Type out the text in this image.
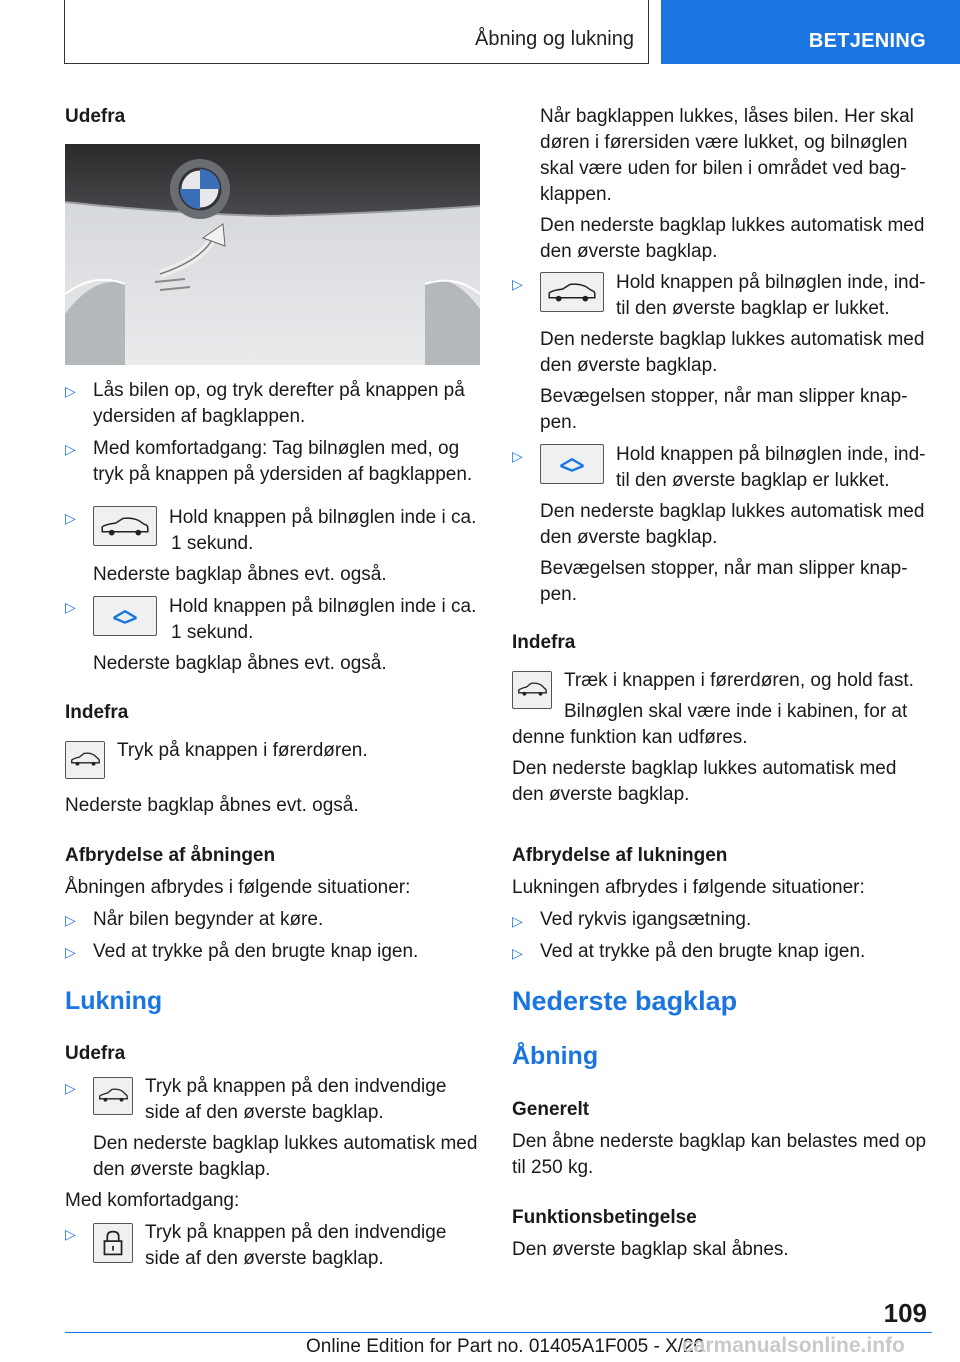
Åbning og lukning	BETJENING
Udefra
▷ Lås bilen op, og tryk derefter på knappen på
ydersiden af bagklappen.
▷ Med komfortadgang: Tag bilnøglen med, og
tryk på knappen på ydersiden af bagklappen.
▷	Hold knappen på bilnøglen inde i ca.
1 sekund.
Nederste bagklap åbnes evt. også.
▷	Hold knappen på bilnøglen inde i ca.
1 sekund.
Nederste bagklap åbnes evt. også.
Indefra
Tryk på knappen i førerdøren.
Nederste bagklap åbnes evt. også.
Afbrydelse af åbningen
Åbningen afbrydes i følgende situationer:
▷ Når bilen begynder at køre.
▷ Ved at trykke på den brugte knap igen.
Lukning
Udefra
▷	Tryk på knappen på den indvendige
side af den øverste bagklap.
Den nederste bagklap lukkes automatisk med
den øverste bagklap.
Med komfortadgang:
▷	Tryk på knappen på den indvendige
side af den øverste bagklap.
Når bagklappen lukkes, låses bilen. Her skal
døren i førersiden være lukket, og bilnøglen
skal være uden for bilen i området ved bag-
klappen.
Den nederste bagklap lukkes automatisk med
den øverste bagklap.
▷	Hold knappen på bilnøglen inde, ind-
til den øverste bagklap er lukket.
Den nederste bagklap lukkes automatisk med
den øverste bagklap.
Bevægelsen stopper, når man slipper knap-
pen.
▷	Hold knappen på bilnøglen inde, ind-
til den øverste bagklap er lukket.
Den nederste bagklap lukkes automatisk med
den øverste bagklap.
Bevægelsen stopper, når man slipper knap-
pen.
Indefra
Træk i knappen i førerdøren, og hold fast.
Bilnøglen skal være inde i kabinen, for at
denne funktion kan udføres.
Den nederste bagklap lukkes automatisk med
den øverste bagklap.
Afbrydelse af lukningen
Lukningen afbrydes i følgende situationer:
▷ Ved rykvis igangsætning.
▷ Ved at trykke på den brugte knap igen.
Nederste bagklap
Åbning
Generelt
Den åbne nederste bagklap kan belastes med op
til 250 kg.
Funktionsbetingelse
Den øverste bagklap skal åbnes.
109
Online Edition for Part no. 01405A1F005 - X/20
carmanualsonline.info
